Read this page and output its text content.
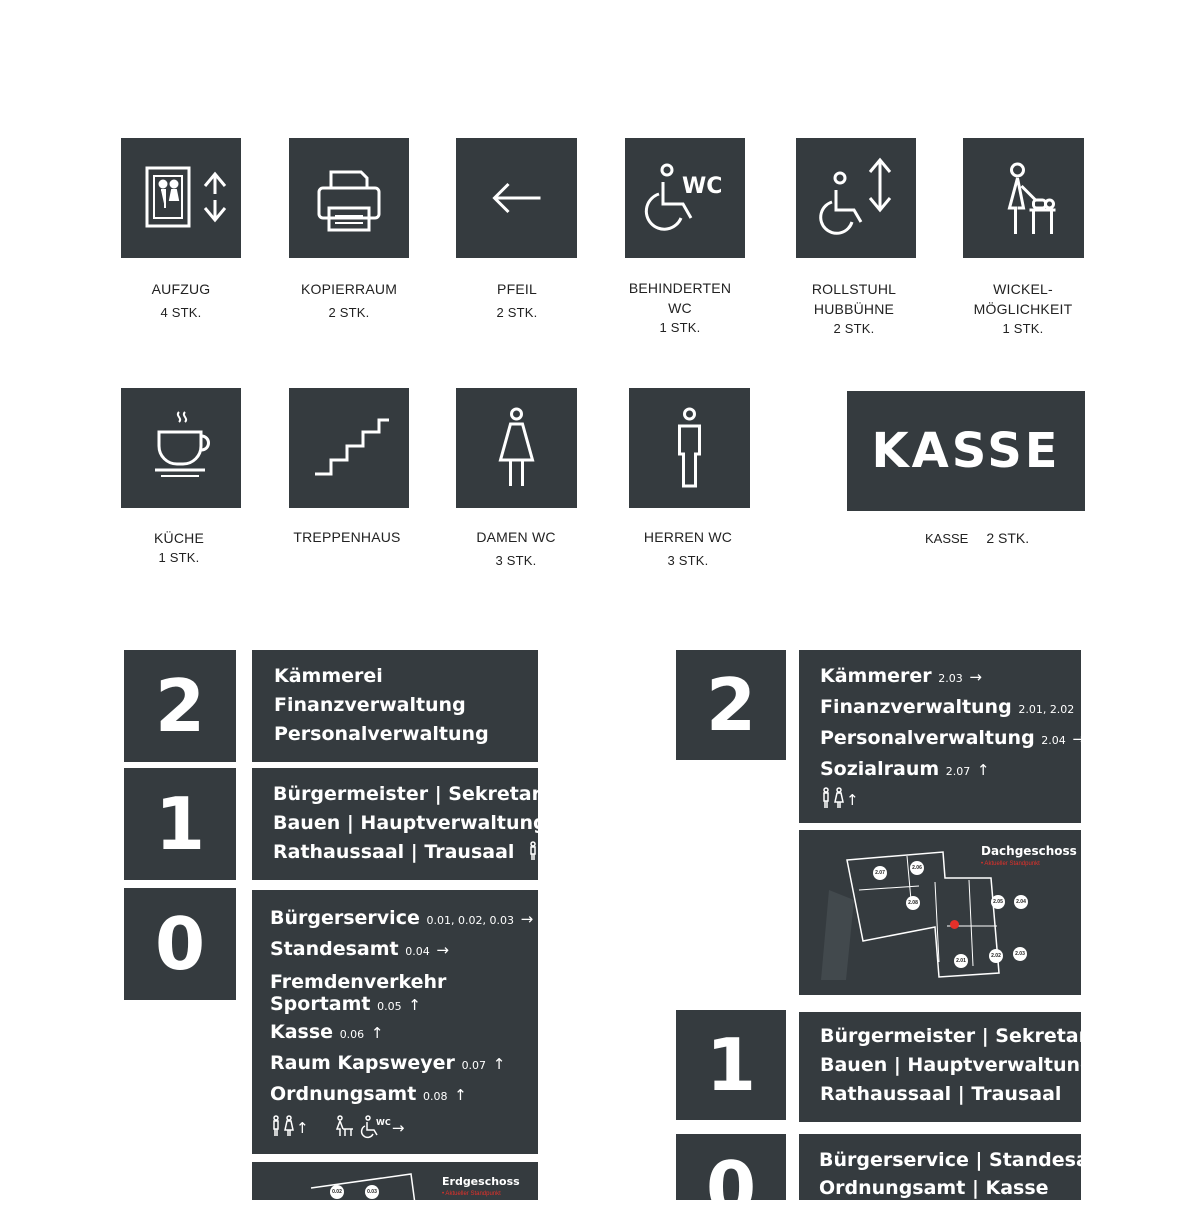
WC
AUFZUG
4 STK.
KOPIERRAUM
2 STK.
PFEIL
2 STK.
BEHINDERTEN
WC
1 STK.
ROLLSTUHL
HUBBÜHNE
2 STK.
WICKEL-
MÖGLICHKEIT
1 STK.
KASSE
KÜCHE
1 STK.
TREPPENHAUS	DAMEN WC
3 STK.
HERREN WC
3 STK.
KASSE 2 STK.
2
1
0
Kämmerei
Finanzverwaltung
Personalverwaltung
Bürgermeister | Sekretariat
Bauen | Hauptverwaltung
Rathaussaal | Trausaal
Bürgerservice 0.01, 0.02, 0.03 →
Standesamt 0.04 →
Fremdenverkehr
Sportamt 0.05 ↑
Kasse 0.06 ↑
Raum Kapsweyer 0.07 ↑
Ordnungsamt 0.08 ↑
↑	WC →
Erdgeschoss
• Aktueller Standpunkt
0.02	0.03
2	Kämmerer 2.03 →
Finanzverwaltung 2.01, 2.02 →
Personalverwaltung 2.04 →
Sozialraum 2.07 ↑
↑
Dachgeschoss
• Aktueller Standpunkt
2.07
2.06
2.08	2.05	2.04
2.01
2.02	2.03
1	Bürgermeister | Sekretariat
Bauen | Hauptverwaltung
Rathaussaal | Trausaal
0	Bürgerservice | Standesamt
Ordnungsamt | Kasse
